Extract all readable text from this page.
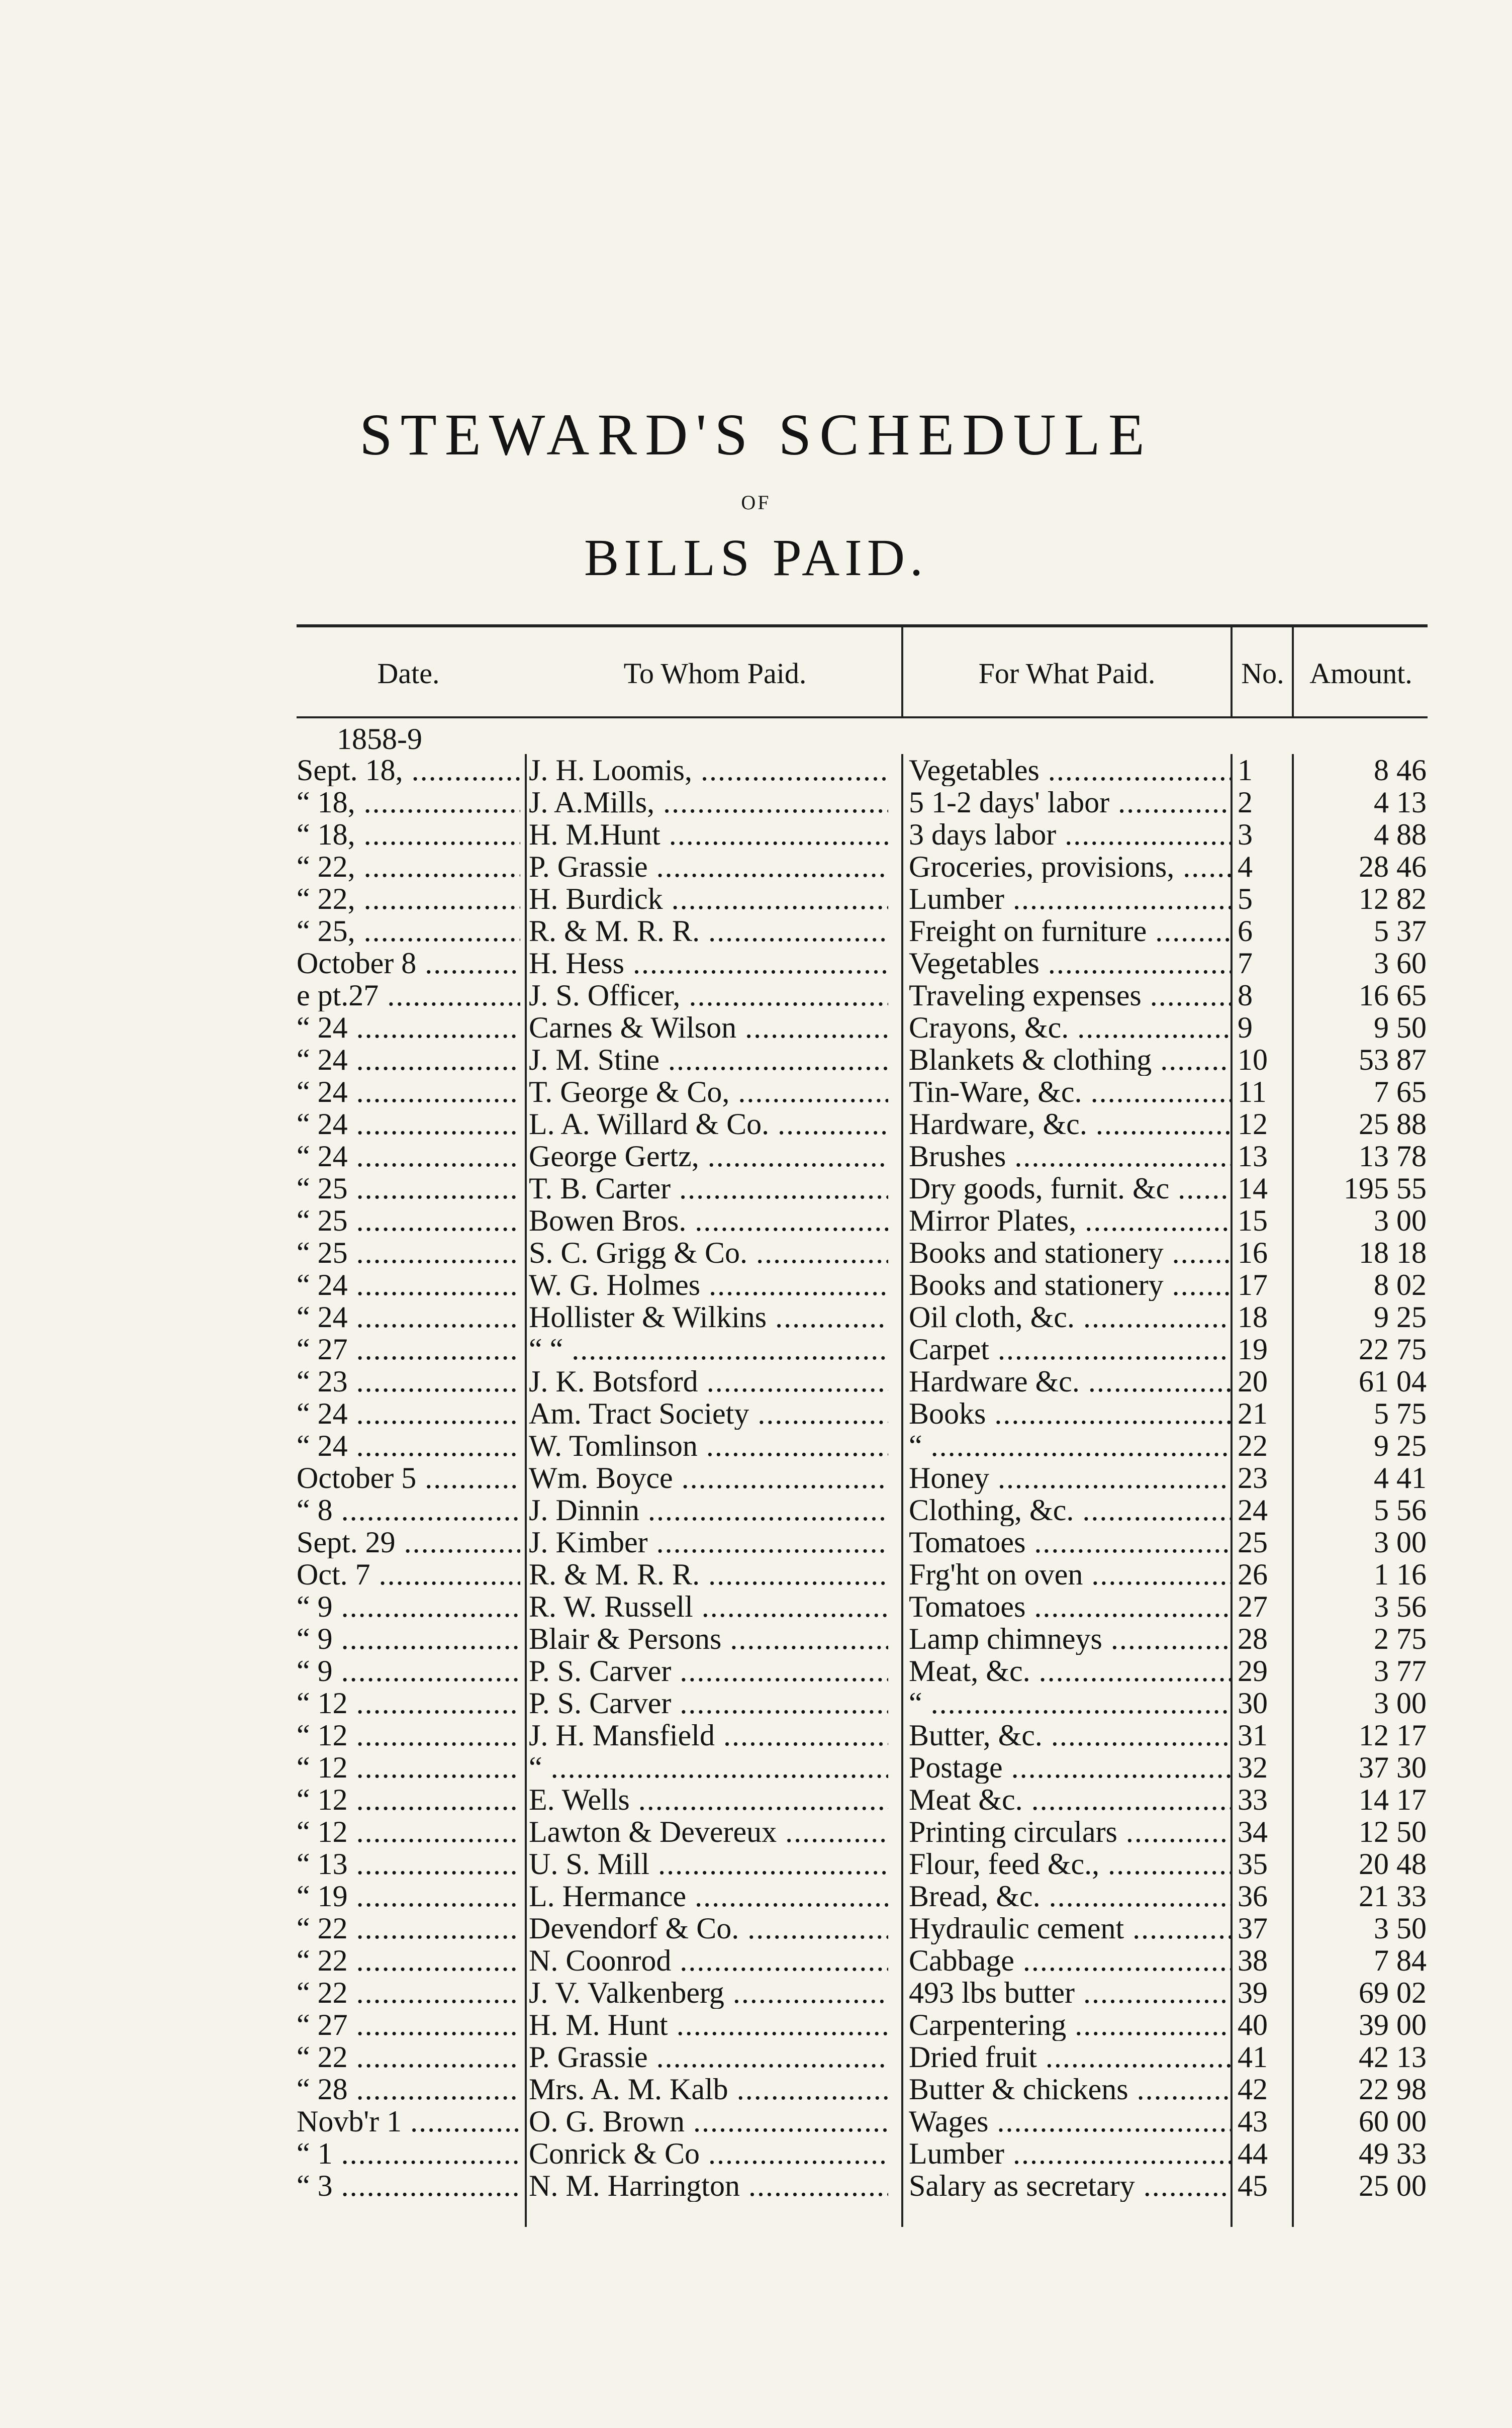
STEWARD'S SCHEDULE
OF
BILLS PAID.
Date.	To Whom Paid.	For What Paid.	No. Amount.
1858-9
Sept. 18, .....	J. H. Loomis, .....	Vegetables .....	1	8 46
“ 18, .....	J. A.Mills, .....	5 1-2 days' labor .....	2	4 13
“ 18, .....	H. M.Hunt .....	3 days labor .....	3	4 88
“ 22, .....	P. Grassie .....	Groceries, provisions, .....	4	28 46
“ 22, .....	H. Burdick .....	Lumber .....	5	12 82
“ 25, .....	R. & M. R. R. .....	Freight on furniture .....	6	5 37
October 8 .....	H. Hess .....	Vegetables .....	7	3 60
e pt.27 .....	J. S. Officer, .....	Traveling expenses .....	8	16 65
“ 24 .....	Carnes & Wilson .....	Crayons, &c. .....	9	9 50
“ 24 .....	J. M. Stine .....	Blankets & clothing .....	10	53 87
“ 24 .....	T. George & Co, .....	Tin-Ware, &c. .....	11	7 65
“ 24 .....	L. A. Willard & Co. .....	Hardware, &c. .....	12	25 88
“ 24 .....	George Gertz, .....	Brushes .....	13	13 78
“ 25 .....	T. B. Carter .....	Dry goods, furnit. &c .....	14	195 55
“ 25 .....	Bowen Bros. .....	Mirror Plates, .....	15	3 00
“ 25 .....	S. C. Grigg & Co. .....	Books and stationery .....	16	18 18
“ 24 .....	W. G. Holmes .....	Books and stationery .....	17	8 02
“ 24 .....	Hollister & Wilkins .....	Oil cloth, &c. .....	18	9 25
“ 27 .....	“ “ .....	Carpet .....	19	22 75
“ 23 .....	J. K. Botsford .....	Hardware &c. .....	20	61 04
“ 24 .....	Am. Tract Society .....	Books .....	21	5 75
“ 24 .....	W. Tomlinson .....	“ .....	22	9 25
October 5 .....	Wm. Boyce .....	Honey .....	23	4 41
“ 8 .....	J. Dinnin .....	Clothing, &c. .....	24	5 56
Sept. 29 .....	J. Kimber .....	Tomatoes .....	25	3 00
Oct. 7 .....	R. & M. R. R. .....	Frg'ht on oven .....	26	1 16
“ 9 .....	R. W. Russell .....	Tomatoes .....	27	3 56
“ 9 .....	Blair & Persons .....	Lamp chimneys .....	28	2 75
“ 9 .....	P. S. Carver .....	Meat, &c. .....	29	3 77
“ 12 .....	P. S. Carver .....	“ .....	30	3 00
“ 12 .....	J. H. Mansfield .....	Butter, &c. .....	31	12 17
“ 12 .....	“ .....	Postage .....	32	37 30
“ 12 .....	E. Wells .....	Meat &c. .....	33	14 17
“ 12 .....	Lawton & Devereux .....	Printing circulars .....	34	12 50
“ 13 .....	U. S. Mill .....	Flour, feed &c., .....	35	20 48
“ 19 .....	L. Hermance .....	Bread, &c. .....	36	21 33
“ 22 .....	Devendorf & Co. .....	Hydraulic cement .....	37	3 50
“ 22 .....	N. Coonrod .....	Cabbage .....	38	7 84
“ 22 .....	J. V. Valkenberg .....	493 lbs butter .....	39	69 02
“ 27 .....	H. M. Hunt .....	Carpentering .....	40	39 00
“ 22 .....	P. Grassie .....	Dried fruit .....	41	42 13
“ 28 .....	Mrs. A. M. Kalb .....	Butter & chickens .....	42	22 98
Novb'r 1 .....	O. G. Brown .....	Wages .....	43	60 00
“ 1 .....	Conrick & Co .....	Lumber .....	44	49 33
“ 3 .....	N. M. Harrington .....	Salary as secretary .....	45	25 00
